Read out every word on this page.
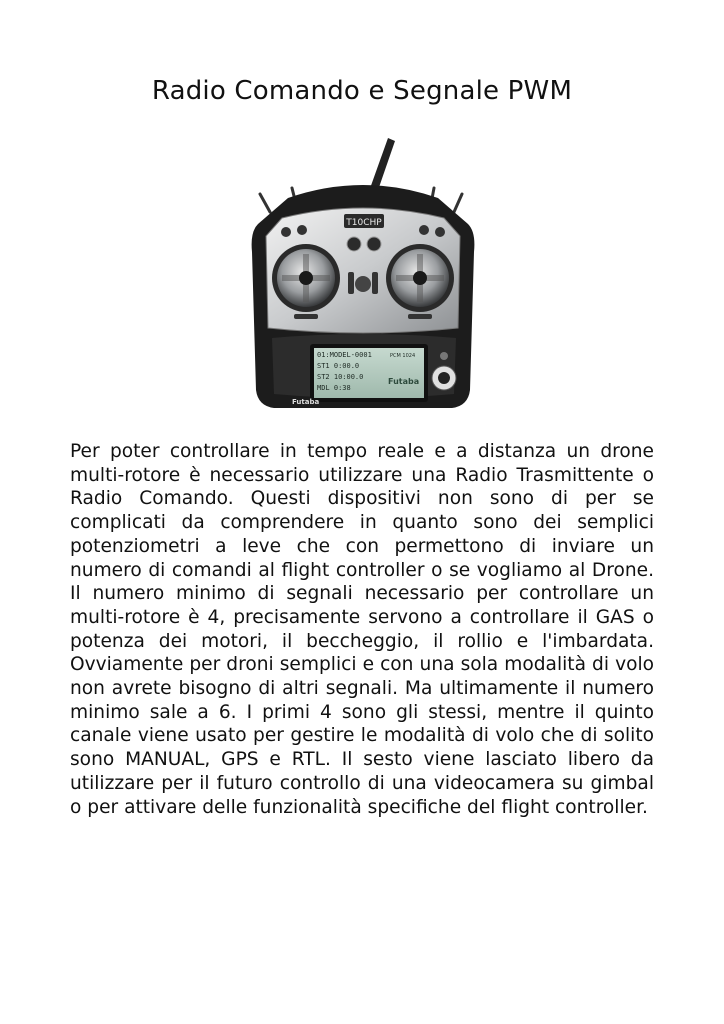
Radio Comando e Segnale PWM
T10CHP
01:MODEL-0001
ST1 0:00.0
ST2 10:00.0
MDL 0:38
PCM 1024
Futaba
Futaba

Per poter controllare in tempo reale e a distanza un drone multi-rotore è necessario utilizzare una Radio Trasmittente o Radio Comando. Questi dispositivi non sono di per se complicati da comprendere in quanto sono dei semplici potenziometri a leve che con permettono di inviare un numero di comandi al flight controller o se vogliamo al Drone. Il numero minimo di segnali necessario per controllare un multi-rotore è 4, precisamente servono a controllare il GAS o potenza dei motori, il beccheggio, il rollio e l'imbardata. Ovviamente per droni semplici e con una sola modalità di volo non avrete bisogno di altri segnali. Ma ultimamente il numero minimo sale a 6. I primi 4 sono gli stessi, mentre il quinto canale viene usato per gestire le modalità di volo che di solito sono MANUAL, GPS e RTL. Il sesto viene lasciato libero da utilizzare per il futuro controllo di una videocamera su gimbal o per attivare delle funzionalità specifiche del flight controller.
